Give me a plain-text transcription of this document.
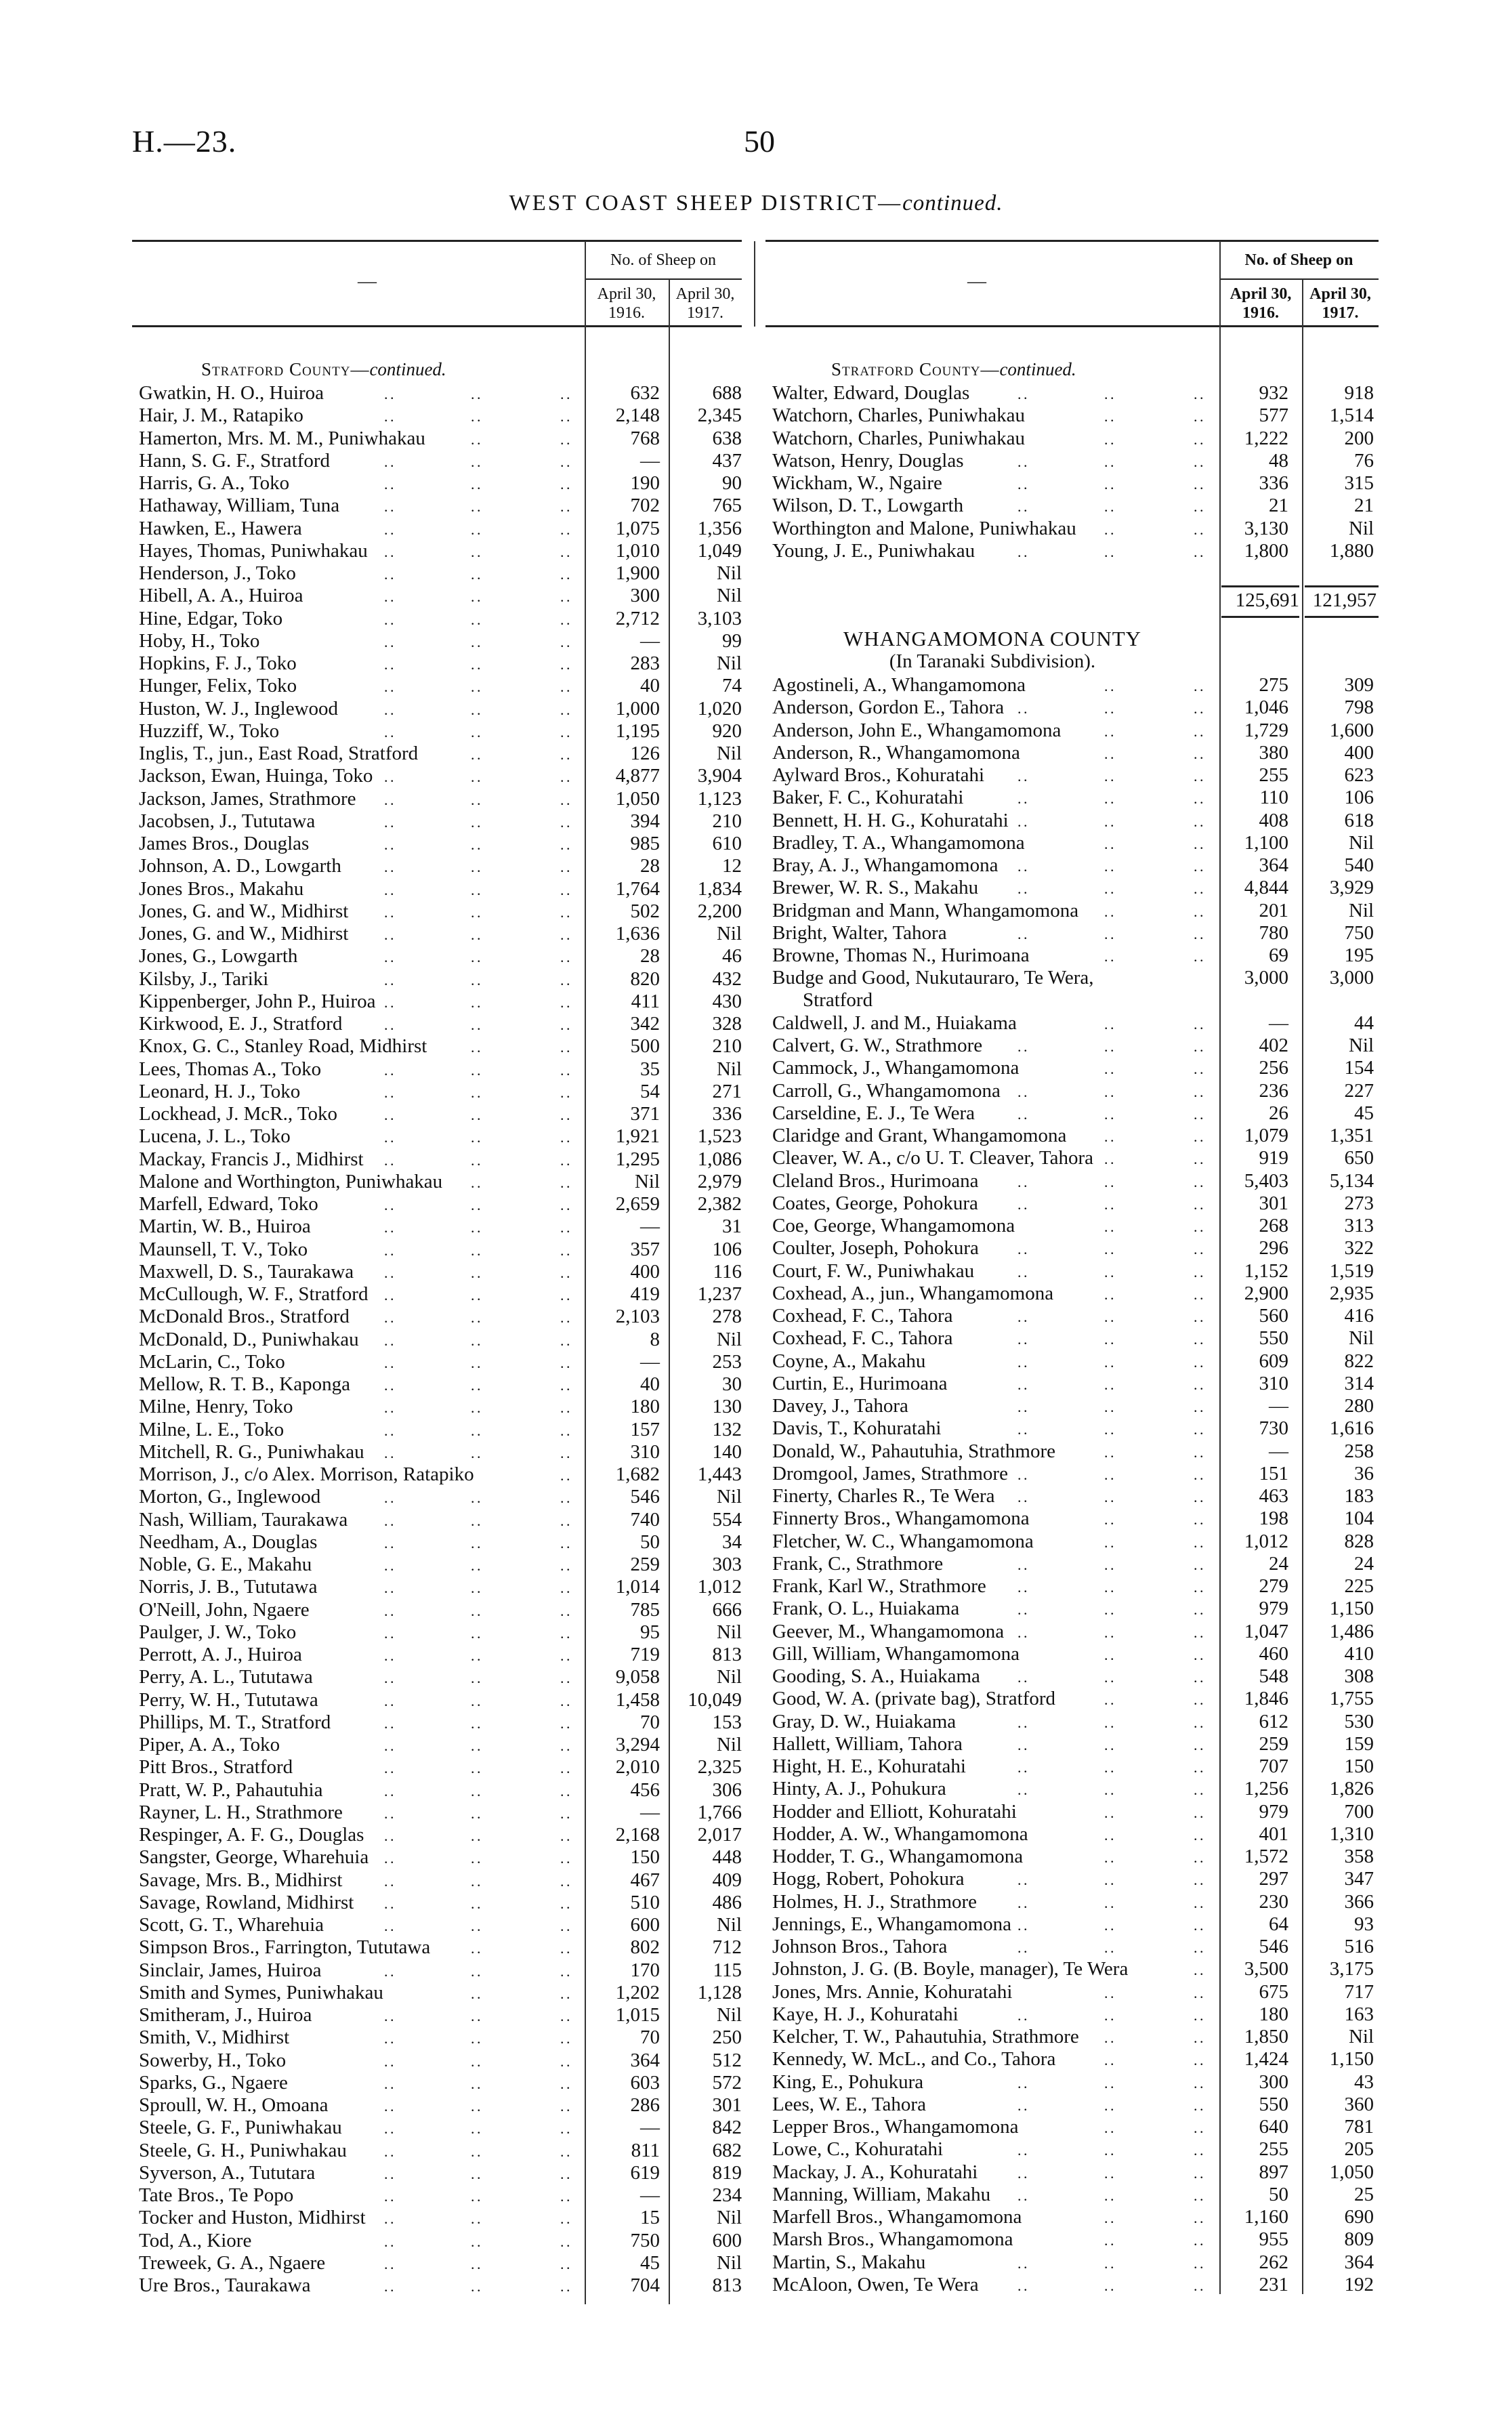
H.—23.	50
WEST COAST SHEEP DISTRICT—continued.
—
No. of Sheep on
April 30,
1916.
April 30,
1917.
—
No. of Sheep on
April 30,
1916.
April 30,
1917.
Stratford County—continued.	Stratford County—continued.
Gwatkin, H. O., Huiroa	632	688
. .
. .
. .
Hair, J. M., Ratapiko	2,148	2,345
. .
. .
. .
Hamerton, Mrs. M. M., Puniwhakau	768	638
. .
. .
Hann, S. G. F., Stratford	—	437
. .
. .
. .
Harris, G. A., Toko	190	90
. .
. .
. .
Hathaway, William, Tuna	702	765
. .
. .
. .
Hawken, E., Hawera	1,075	1,356
. .
. .
. .
Hayes, Thomas, Puniwhakau	1,010	1,049
. .
. .
. .
Henderson, J., Toko	1,900	Nil
. .
. .
. .
Hibell, A. A., Huiroa	300	Nil
. .
. .
. .
Hine, Edgar, Toko	2,712	3,103
. .
. .
. .
Hoby, H., Toko	—	99
. .
. .
. .
Hopkins, F. J., Toko	283	Nil
. .
. .
. .
Hunger, Felix, Toko	40	74
. .
. .
. .
Huston, W. J., Inglewood	1,000	1,020
. .
. .
. .
Huzziff, W., Toko	1,195	920
. .
. .
. .
Inglis, T., jun., East Road, Stratford	126	Nil
. .
. .
Jackson, Ewan, Huinga, Toko	4,877	3,904
. .
. .
. .
Jackson, James, Strathmore	1,050	1,123
. .
. .
. .
Jacobsen, J., Tututawa	394	210
. .
. .
. .
James Bros., Douglas	985	610
. .
. .
. .
Johnson, A. D., Lowgarth	28	12
. .
. .
. .
Jones Bros., Makahu	1,764	1,834
. .
. .
. .
Jones, G. and W., Midhirst	502	2,200
. .
. .
. .
Jones, G. and W., Midhirst	1,636	Nil
. .
. .
. .
Jones, G., Lowgarth	28	46
. .
. .
. .
Kilsby, J., Tariki	820	432
. .
. .
. .
Kippenberger, John P., Huiroa	411	430
. .
. .
. .
Kirkwood, E. J., Stratford	342	328
. .
. .
. .
Knox, G. C., Stanley Road, Midhirst	500	210
. .
. .
Lees, Thomas A., Toko	35	Nil
. .
. .
. .
Leonard, H. J., Toko	54	271
. .
. .
. .
Lockhead, J. McR., Toko	371	336
. .
. .
. .
Lucena, J. L., Toko	1,921	1,523
. .
. .
. .
Mackay, Francis J., Midhirst	1,295	1,086
. .
. .
. .
Malone and Worthington, Puniwhakau	Nil	2,979
. .
. .
Marfell, Edward, Toko	2,659	2,382
. .
. .
. .
Martin, W. B., Huiroa	—	31
. .
. .
. .
Maunsell, T. V., Toko	357	106
. .
. .
. .
Maxwell, D. S., Taurakawa	400	116
. .
. .
. .
McCullough, W. F., Stratford	419	1,237
. .
. .
. .
McDonald Bros., Stratford	2,103	278
. .
. .
. .
McDonald, D., Puniwhakau	8	Nil
. .
. .
. .
McLarin, C., Toko	—	253
. .
. .
. .
Mellow, R. T. B., Kaponga	40	30
. .
. .
. .
Milne, Henry, Toko	180	130
. .
. .
. .
Milne, L. E., Toko	157	132
. .
. .
. .
Mitchell, R. G., Puniwhakau	310	140
. .
. .
. .
Morrison, J., c/o Alex. Morrison, Ratapiko	1,682	1,443
. .
Morton, G., Inglewood	546	Nil
. .
. .
. .
Nash, William, Taurakawa	740	554
. .
. .
. .
Needham, A., Douglas	50	34
. .
. .
. .
Noble, G. E., Makahu	259	303
. .
. .
. .
Norris, J. B., Tututawa	1,014	1,012
. .
. .
. .
O'Neill, John, Ngaere	785	666
. .
. .
. .
Paulger, J. W., Toko	95	Nil
. .
. .
. .
Perrott, A. J., Huiroa	719	813
. .
. .
. .
Perry, A. L., Tututawa	9,058	Nil
. .
. .
. .
Perry, W. H., Tututawa	1,458	10,049
. .
. .
. .
Phillips, M. T., Stratford	70	153
. .
. .
. .
Piper, A. A., Toko	3,294	Nil
. .
. .
. .
Pitt Bros., Stratford	2,010	2,325
. .
. .
. .
Pratt, W. P., Pahautuhia	456	306
. .
. .
. .
Rayner, L. H., Strathmore	—	1,766
. .
. .
. .
Respinger, A. F. G., Douglas	2,168	2,017
. .
. .
. .
Sangster, George, Wharehuia	150	448
. .
. .
. .
Savage, Mrs. B., Midhirst	467	409
. .
. .
. .
Savage, Rowland, Midhirst	510	486
. .
. .
. .
Scott, G. T., Wharehuia	600	Nil
. .
. .
. .
Simpson Bros., Farrington, Tututawa	802	712
. .
. .
Sinclair, James, Huiroa	170	115
. .
. .
. .
Smith and Symes, Puniwhakau	1,202	1,128
. .
. .
Smitheram, J., Huiroa	1,015	Nil
. .
. .
. .
Smith, V., Midhirst	70	250
. .
. .
. .
Sowerby, H., Toko	364	512
. .
. .
. .
Sparks, G., Ngaere	603	572
. .
. .
. .
Sproull, W. H., Omoana	286	301
. .
. .
. .
Steele, G. F., Puniwhakau	—	842
. .
. .
. .
Steele, G. H., Puniwhakau	811	682
. .
. .
. .
Syverson, A., Tututara	619	819
. .
. .
. .
Tate Bros., Te Popo	—	234
. .
. .
. .
Tocker and Huston, Midhirst	15	Nil
. .
. .
. .
Tod, A., Kiore	750	600
. .
. .
. .
Treweek, G. A., Ngaere	45	Nil
. .
. .
. .
Ure Bros., Taurakawa	704	813
. .
. .
. .
Walter, Edward, Douglas	932	918
. .
. .
. .
Watchorn, Charles, Puniwhakau	577	1,514
. .
. .
Watchorn, Charles, Puniwhakau	1,222	200
. .
. .
Watson, Henry, Douglas	48	76
. .
. .
. .
Wickham, W., Ngaire	336	315
. .
. .
. .
Wilson, D. T., Lowgarth	21	21
. .
. .
. .
Worthington and Malone, Puniwhakau	3,130	Nil
. .
. .
Young, J. E., Puniwhakau	1,800	1,880
. .
. .
. .
125,691 121,957
WHANGAMOMONA COUNTY
(In Taranaki Subdivision).
Agostineli, A., Whangamomona	275	309
. .
. .
Anderson, Gordon E., Tahora	1,046	798
. .
. .
. .
Anderson, John E., Whangamomona	1,729	1,600
. .
. .
Anderson, R., Whangamomona	380	400
. .
. .
Aylward Bros., Kohuratahi	255	623
. .
. .
. .
Baker, F. C., Kohuratahi	110	106
. .
. .
. .
Bennett, H. H. G., Kohuratahi	408	618
. .
. .
. .
Bradley, T. A., Whangamomona	1,100	Nil
. .
. .
Bray, A. J., Whangamomona	364	540
. .
. .
. .
Brewer, W. R. S., Makahu	4,844	3,929
. .
. .
. .
Bridgman and Mann, Whangamomona	201	Nil
. .
. .
Bright, Walter, Tahora	780	750
. .
. .
. .
Browne, Thomas N., Hurimoana	69	195
. .
. .
Budge and Good, Nukutauraro, Te Wera,
Stratford
3,000	3,000
Caldwell, J. and M., Huiakama	—	44
. .
. .
Calvert, G. W., Strathmore	402	Nil
. .
. .
. .
Cammock, J., Whangamomona	256	154
. .
. .
Carroll, G., Whangamomona	236	227
. .
. .
. .
Carseldine, E. J., Te Wera	26	45
. .
. .
. .
Claridge and Grant, Whangamomona	1,079	1,351
. .
. .
Cleaver, W. A., c/o U. T. Cleaver, Tahora	919	650
. .
. .
Cleland Bros., Hurimoana	5,403	5,134
. .
. .
. .
Coates, George, Pohokura	301	273
. .
. .
. .
Coe, George, Whangamomona	268	313
. .
. .
Coulter, Joseph, Pohokura	296	322
. .
. .
. .
Court, F. W., Puniwhakau	1,152	1,519
. .
. .
. .
Coxhead, A., jun., Whangamomona	2,900	2,935
. .
. .
Coxhead, F. C., Tahora	560	416
. .
. .
. .
Coxhead, F. C., Tahora	550	Nil
. .
. .
. .
Coyne, A., Makahu	609	822
. .
. .
. .
Curtin, E., Hurimoana	310	314
. .
. .
. .
Davey, J., Tahora	—	280
. .
. .
. .
Davis, T., Kohuratahi	730	1,616
. .
. .
. .
Donald, W., Pahautuhia, Strathmore	—	258
. .
. .
Dromgool, James, Strathmore	151	36
. .
. .
. .
Finerty, Charles R., Te Wera	463	183
. .
. .
. .
Finnerty Bros., Whangamomona	198	104
. .
. .
Fletcher, W. C., Whangamomona	1,012	828
. .
. .
Frank, C., Strathmore	24	24
. .
. .
. .
Frank, Karl W., Strathmore	279	225
. .
. .
. .
Frank, O. L., Huiakama	979	1,150
. .
. .
. .
Geever, M., Whangamomona	1,047	1,486
. .
. .
. .
Gill, William, Whangamomona	460	410
. .
. .
Gooding, S. A., Huiakama	548	308
. .
. .
. .
Good, W. A. (private bag), Stratford	1,846	1,755
. .
. .
Gray, D. W., Huiakama	612	530
. .
. .
. .
Hallett, William, Tahora	259	159
. .
. .
. .
Hight, H. E., Kohuratahi	707	150
. .
. .
. .
Hinty, A. J., Pohukura	1,256	1,826
. .
. .
. .
Hodder and Elliott, Kohuratahi	979	700
. .
. .
Hodder, A. W., Whangamomona	401	1,310
. .
. .
Hodder, T. G., Whangamomona	1,572	358
. .
. .
Hogg, Robert, Pohokura	297	347
. .
. .
. .
Holmes, H. J., Strathmore	230	366
. .
. .
. .
Jennings, E., Whangamomona	64	93
. .
. .
. .
Johnson Bros., Tahora	546	516
. .
. .
. .
Johnston, J. G. (B. Boyle, manager), Te Wera	3,500	3,175
. .
Jones, Mrs. Annie, Kohuratahi	675	717
. .
. .
Kaye, H. J., Kohuratahi	180	163
. .
. .
. .
Kelcher, T. W., Pahautuhia, Strathmore	1,850	Nil
. .
. .
Kennedy, W. McL., and Co., Tahora	1,424	1,150
. .
. .
King, E., Pohukura	300	43
. .
. .
. .
Lees, W. E., Tahora	550	360
. .
. .
. .
Lepper Bros., Whangamomona	640	781
. .
. .
Lowe, C., Kohuratahi	255	205
. .
. .
. .
Mackay, J. A., Kohuratahi	897	1,050
. .
. .
. .
Manning, William, Makahu	50	25
. .
. .
. .
Marfell Bros., Whangamomona	1,160	690
. .
. .
Marsh Bros., Whangamomona	955	809
. .
. .
Martin, S., Makahu	262	364
. .
. .
. .
McAloon, Owen, Te Wera	231	192
. .
. .
. .
